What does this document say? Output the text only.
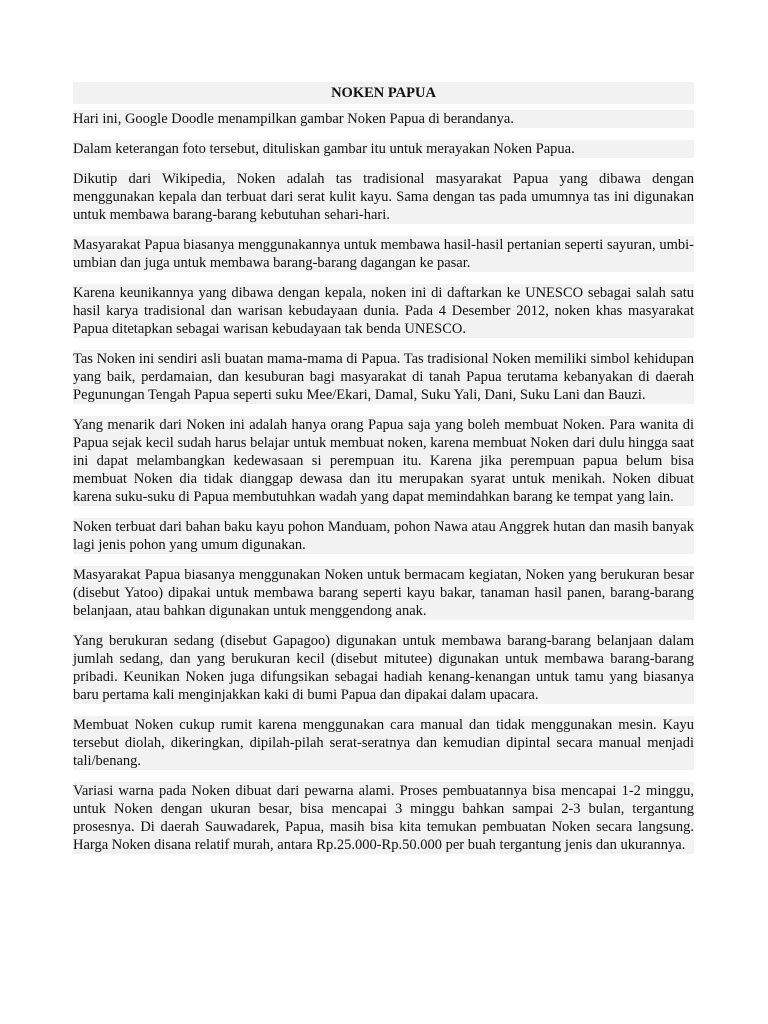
NOKEN PAPUA

Hari ini, Google Doodle menampilkan gambar Noken Papua di berandanya.

Dalam keterangan foto tersebut, dituliskan gambar itu untuk merayakan Noken Papua.

Dikutip dari Wikipedia, Noken adalah tas tradisional masyarakat Papua yang dibawa dengan menggunakan kepala dan terbuat dari serat kulit kayu. Sama dengan tas pada umumnya tas ini digunakan untuk membawa barang-barang kebutuhan sehari-hari.

Masyarakat Papua biasanya menggunakannya untuk membawa hasil-hasil pertanian seperti sayuran, umbi-umbian dan juga untuk membawa barang-barang dagangan ke pasar.

Karena keunikannya yang dibawa dengan kepala, noken ini di daftarkan ke UNESCO sebagai salah satu hasil karya tradisional dan warisan kebudayaan dunia. Pada 4 Desember 2012, noken khas masyarakat Papua ditetapkan sebagai warisan kebudayaan tak benda UNESCO.

Tas Noken ini sendiri asli buatan mama-mama di Papua. Tas tradisional Noken memiliki simbol kehidupan yang baik, perdamaian, dan kesuburan bagi masyarakat di tanah Papua terutama kebanyakan di daerah Pegunungan Tengah Papua seperti suku Mee/Ekari, Damal, Suku Yali, Dani, Suku Lani dan Bauzi.

Yang menarik dari Noken ini adalah hanya orang Papua saja yang boleh membuat Noken. Para wanita di Papua sejak kecil sudah harus belajar untuk membuat noken, karena membuat Noken dari dulu hingga saat ini dapat melambangkan kedewasaan si perempuan itu. Karena jika perempuan papua belum bisa membuat Noken dia tidak dianggap dewasa dan itu merupakan syarat untuk menikah. Noken dibuat karena suku-suku di Papua membutuhkan wadah yang dapat memindahkan barang ke tempat yang lain.

Noken terbuat dari bahan baku kayu pohon Manduam, pohon Nawa atau Anggrek hutan dan masih banyak lagi jenis pohon yang umum digunakan.

Masyarakat Papua biasanya menggunakan Noken untuk bermacam kegiatan, Noken yang berukuran besar (disebut Yatoo) dipakai untuk membawa barang seperti kayu bakar, tanaman hasil panen, barang-barang belanjaan, atau bahkan digunakan untuk menggendong anak.

Yang berukuran sedang (disebut Gapagoo) digunakan untuk membawa barang-barang belanjaan dalam jumlah sedang, dan yang berukuran kecil (disebut mitutee) digunakan untuk membawa barang-barang pribadi. Keunikan Noken juga difungsikan sebagai hadiah kenang-kenangan untuk tamu yang biasanya baru pertama kali menginjakkan kaki di bumi Papua dan dipakai dalam upacara.

Membuat Noken cukup rumit karena menggunakan cara manual dan tidak menggunakan mesin. Kayu tersebut diolah, dikeringkan, dipilah-pilah serat-seratnya dan kemudian dipintal secara manual menjadi tali/benang.

Variasi warna pada Noken dibuat dari pewarna alami. Proses pembuatannya bisa mencapai 1-2 minggu, untuk Noken dengan ukuran besar, bisa mencapai 3 minggu bahkan sampai 2-3 bulan, tergantung prosesnya. Di daerah Sauwadarek, Papua, masih bisa kita temukan pembuatan Noken secara langsung. Harga Noken disana relatif murah, antara Rp.25.000-Rp.50.000 per buah tergantung jenis dan ukurannya.
